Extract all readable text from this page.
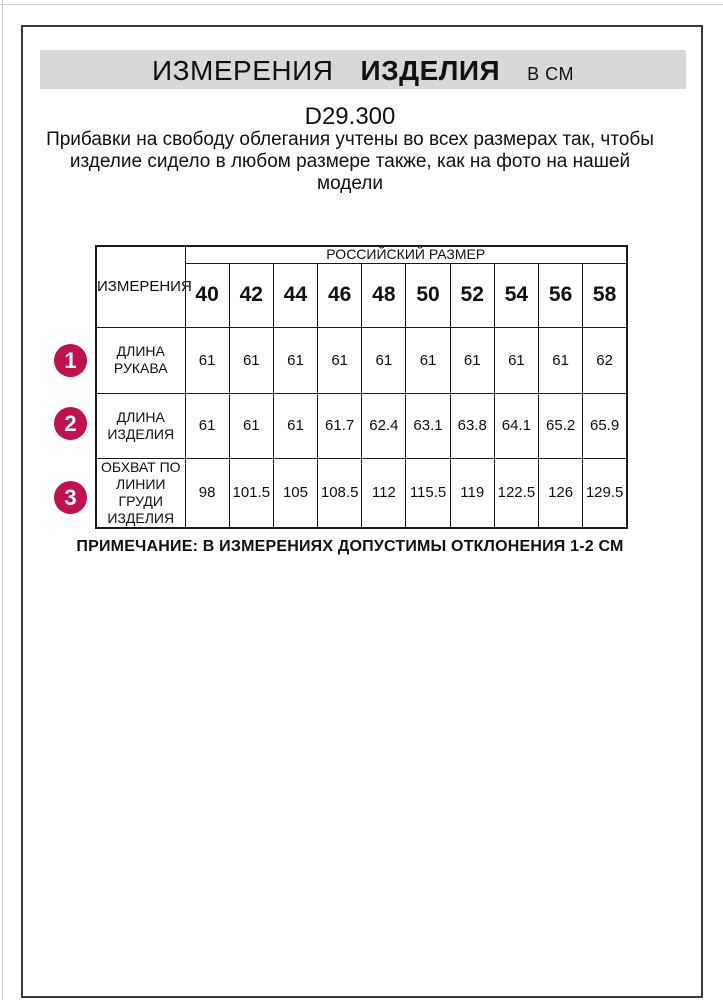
ИЗМЕРЕНИЯ ИЗДЕЛИЯ В СМ
D29.300
Прибавки на свободу облегания учтены во всех размерах так, чтобы
изделие сидело в любом размере также, как на фото на нашей
модели
ИЗМЕРЕНИЯ	РОССИЙСКИЙ РАЗМЕР									
	40	42	44	46	48	50	52	54	56	58

ДЛИНА
РУКАВА	61	61	61	61	61	61	61	61	61	62

ДЛИНА
ИЗДЕЛИЯ	61	61	61	61.7	62.4	63.1	63.8	64.1	65.2	65.9

ОБХВАТ ПО
ЛИНИИ
ГРУДИ
ИЗДЕЛИЯ	98	101.5	105	108.5	112	115.5	119	122.5	126	129.5
1
2
3
ПРИМЕЧАНИЕ: В ИЗМЕРЕНИЯХ ДОПУСТИМЫ ОТКЛОНЕНИЯ 1-2 СМ
